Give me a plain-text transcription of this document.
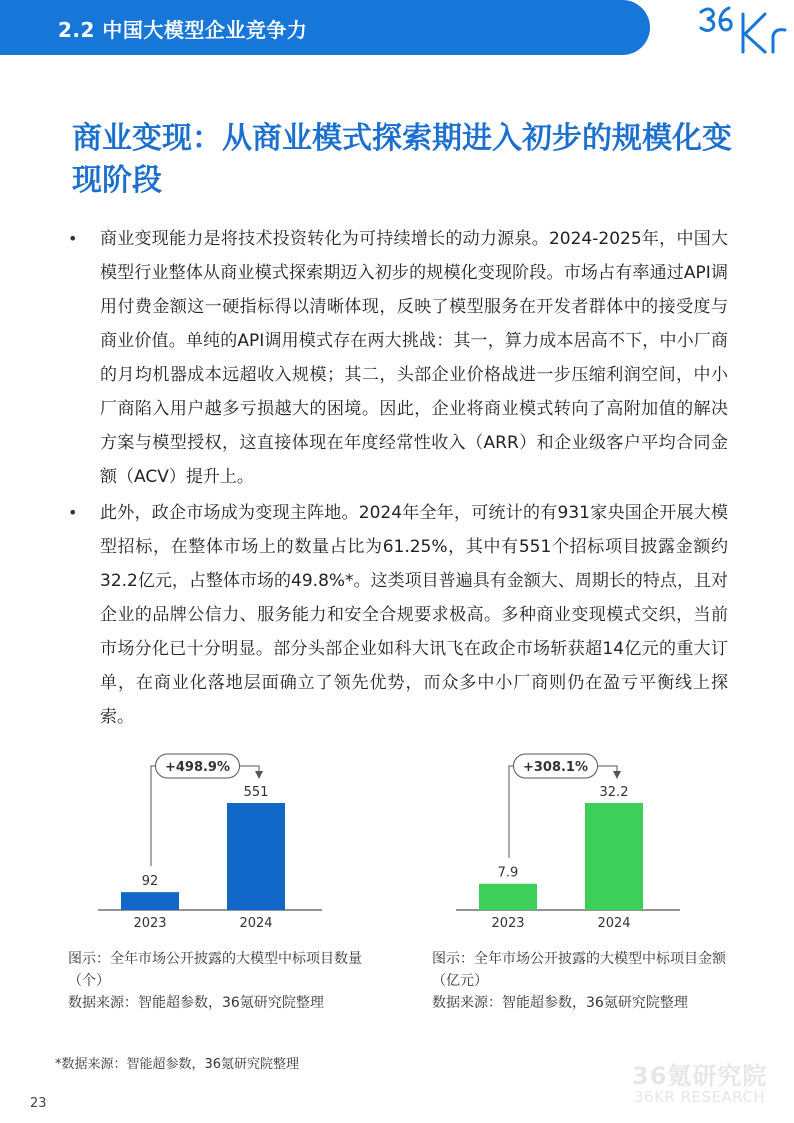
2.2 中国大模型企业竞争力
商业变现：从商业模式探索期进入初步的规模化变现阶段
• 商业变现能力是将技术投资转化为可持续增长的动力源泉。2024-2025年，中国大模型行业整体从商业模式探索期迈入初步的规模化变现阶段。市场占有率通过API调用付费金额这一硬指标得以清晰体现，反映了模型服务在开发者群体中的接受度与商业价值。单纯的API调用模式存在两大挑战：其一，算力成本居高不下，中小厂商的月均机器成本远超收入规模；其二，头部企业价格战进一步压缩利润空间，中小厂商陷入用户越多亏损越大的困境。因此，企业将商业模式转向了高附加值的解决方案与模型授权，这直接体现在年度经常性收入（ARR）和企业级客户平均合同金额（ACV）提升上。
• 此外，政企市场成为变现主阵地。2024年全年，可统计的有931家央国企开展大模型招标，在整体市场上的数量占比为61.25%，其中有551个招标项目披露金额约32.2亿元，占整体市场的49.8%*。这类项目普遍具有金额大、周期长的特点，且对企业的品牌公信力、服务能力和安全合规要求极高。多种商业变现模式交织，当前市场分化已十分明显。部分头部企业如科大讯飞在政企市场斩获超14亿元的重大订单，在商业化落地层面确立了领先优势，而众多中小厂商则仍在盈亏平衡线上探索。
92
2023
551
2024
+498.9%
7.9
2023
32.2
2024
+308.1%
图示：全年市场公开披露的大模型中标项目数量（个）
数据来源：智能超参数，36氪研究院整理
图示：全年市场公开披露的大模型中标项目金额（亿元）
数据来源：智能超参数，36氪研究院整理
*数据来源：智能超参数，36氪研究院整理
23
36氪研究院
36KR RESEARCH
